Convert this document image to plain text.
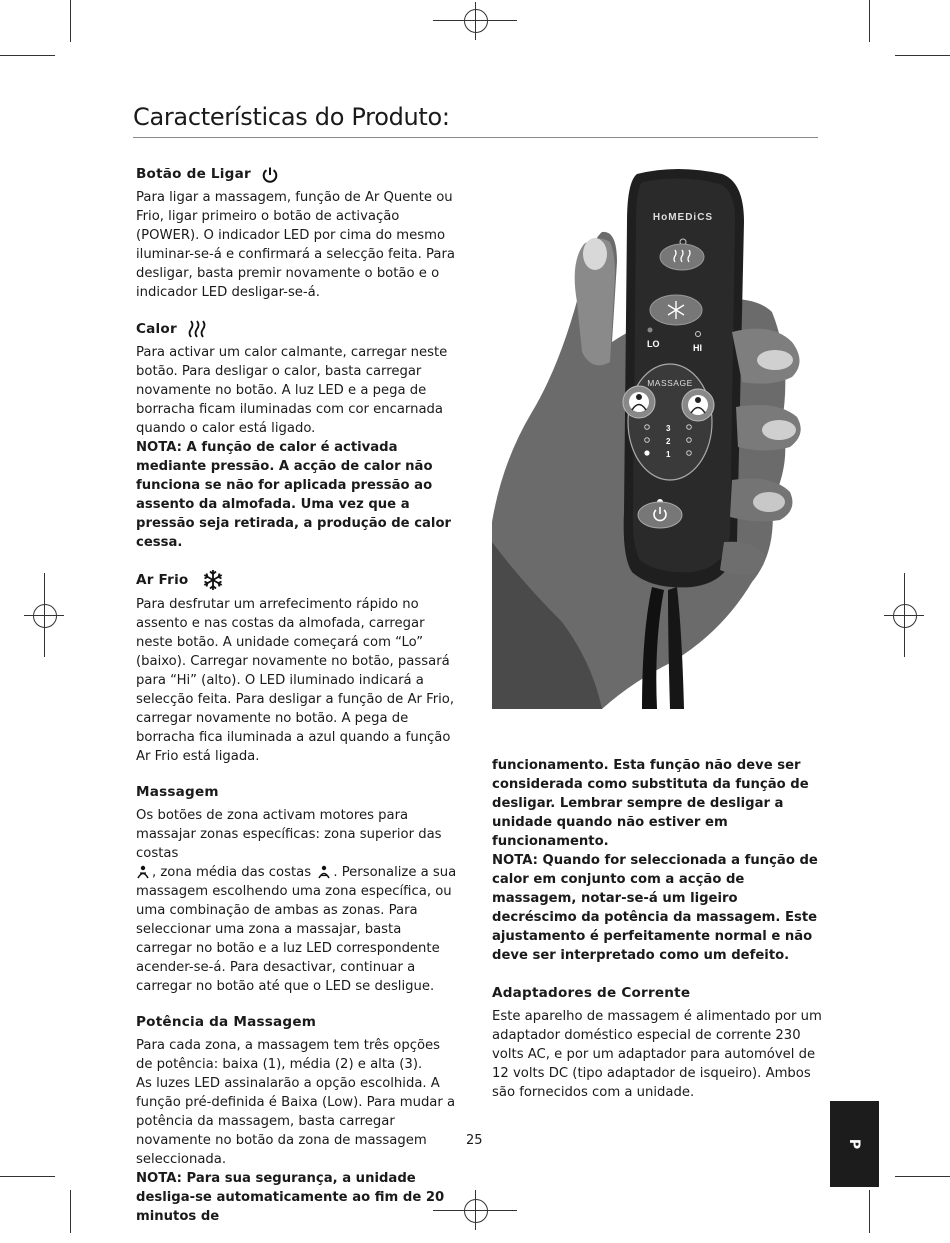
Características do Produto:
Botão de Ligar

Para ligar a massagem, função de Ar Quente ou Frio, ligar primeiro o botão de activação (POWER). O indicador LED por cima do mesmo iluminar-se-á e confirmará a selecção feita. Para desligar, basta premir novamente o botão e o indicador LED desligar-se-á.

Calor

Para activar um calor calmante, carregar neste botão. Para desligar o calor, basta carregar novamente no botão. A luz LED e a pega de borracha ficam iluminadas com cor encarnada quando o calor está ligado.

NOTA: A função de calor é activada mediante pressão. A acção de calor não funciona se não for aplicada pressão ao assento da almofada. Uma vez que a pressão seja retirada, a produção de calor cessa.

Ar Frio

Para desfrutar um arrefecimento rápido no assento e nas costas da almofada, carregar neste botão. A unidade começará com “Lo” (baixo). Carregar novamente no botão, passará para “Hi” (alto). O LED iluminado indicará a selecção feita. Para desligar a função de Ar Frio, carregar novamente no botão. A pega de borracha fica iluminada a azul quando a função Ar Frio está ligada.

Massagem

Os botões de zona activam motores para massajar zonas específicas: zona superior das costas
, zona média das costas . Personalize a sua massagem escolhendo uma zona específica, ou uma combinação de ambas as zonas. Para seleccionar uma zona a massajar, basta carregar no botão e a luz LED correspondente acender-se-á. Para desactivar, continuar a carregar no botão até que o LED se desligue.

Potência da Massagem

Para cada zona, a massagem tem três opções de potência: baixa (1), média (2) e alta (3).

As luzes LED assinalarão a opção escolhida. A função pré-definida é Baixa (Low). Para mudar a potência da massagem, basta carregar novamente no botão da zona de massagem seleccionada.

NOTA: Para sua segurança, a unidade desliga-se automaticamente ao fim de 20 minutos de

HoMEDiCS
LO	HI
MASSAGE
3
2
1

funcionamento. Esta função não deve ser considerada como substituta da função de desligar. Lembrar sempre de desligar a unidade quando não estiver em funcionamento.

NOTA: Quando for seleccionada a função de calor em conjunto com a acção de massagem, notar-se-á um ligeiro decréscimo da potência da massagem. Este ajustamento é perfeitamente normal e não deve ser interpretado como um defeito.

Adaptadores de Corrente

Este aparelho de massagem é alimentado por um adaptador doméstico especial de corrente 230 volts AC, e por um adaptador para automóvel de 12 volts DC (tipo adaptador de isqueiro). Ambos são fornecidos com a unidade.

25	P
